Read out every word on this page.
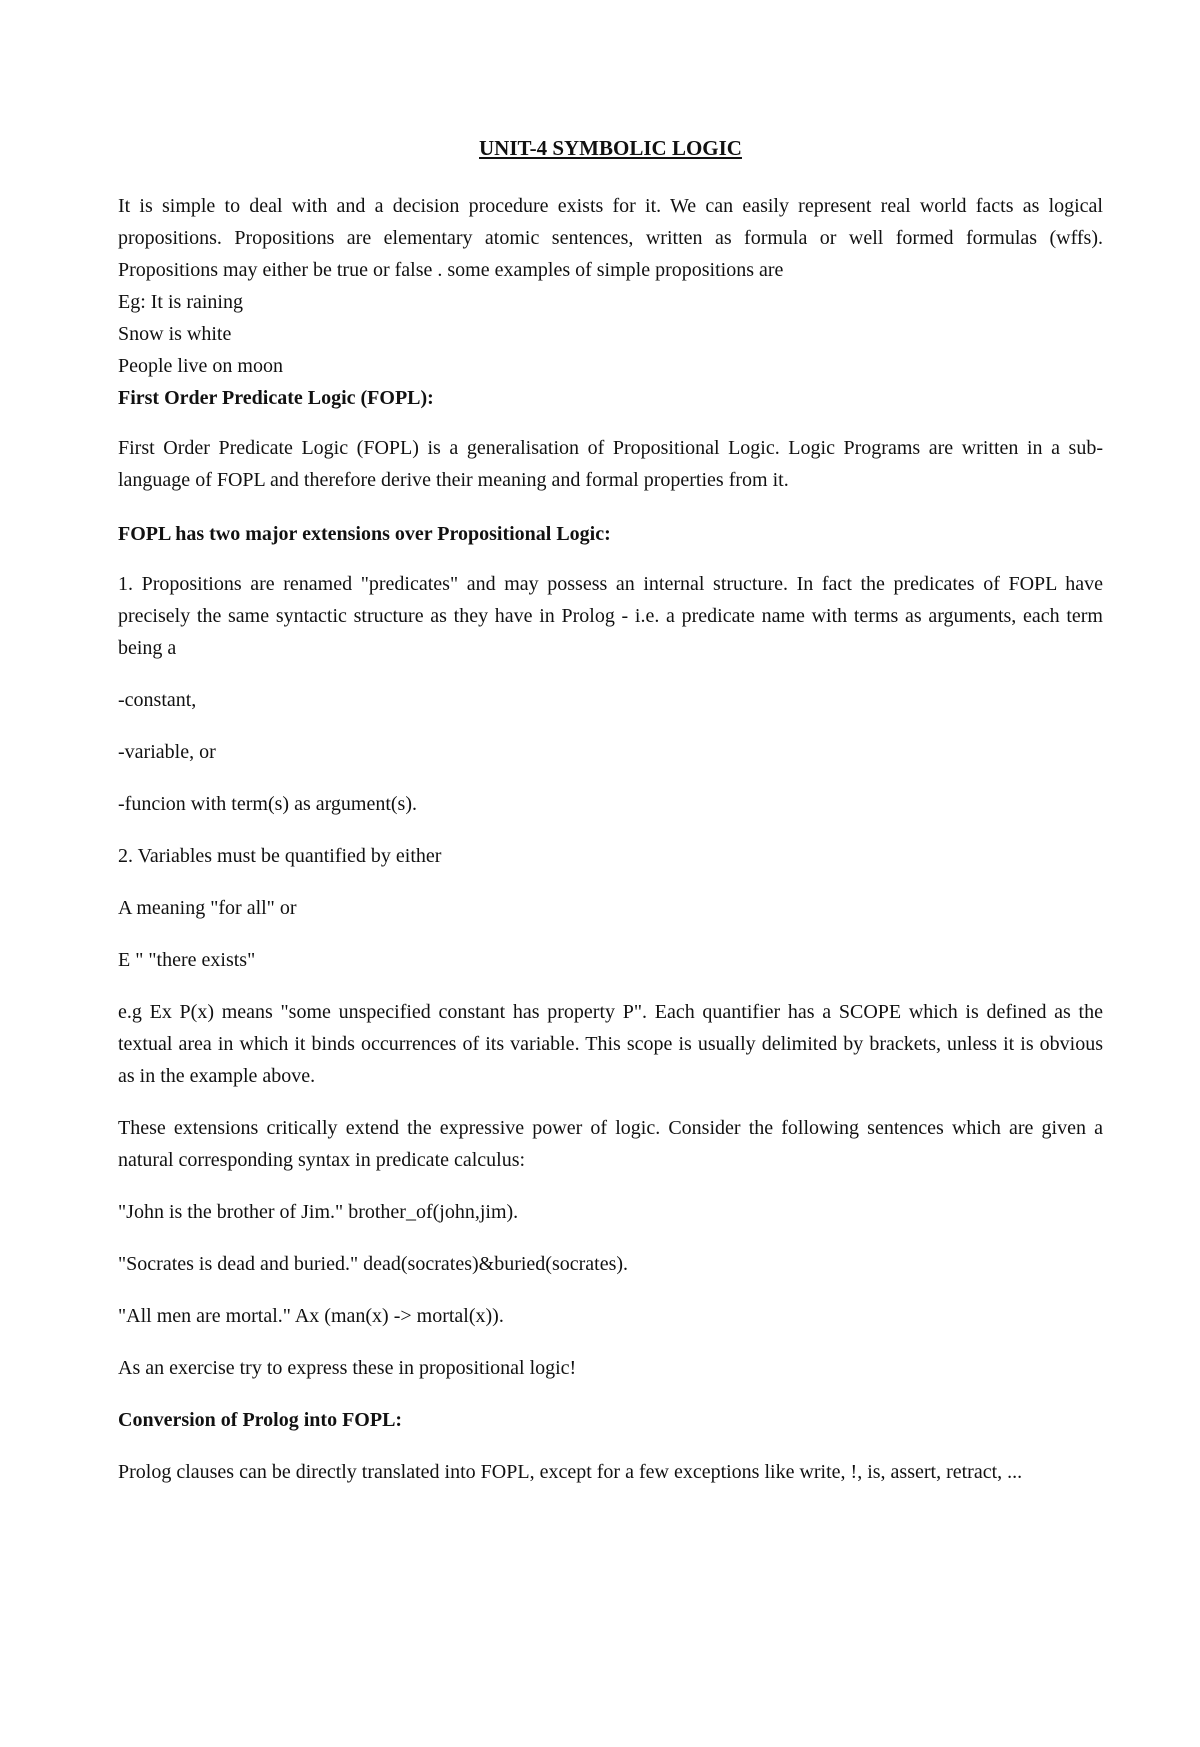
UNIT-4 SYMBOLIC LOGIC

It is simple to deal with and a decision procedure exists for it. We can easily represent real world facts as logical propositions. Propositions are elementary atomic sentences, written as formula or well formed formulas (wffs). Propositions may either be true or false . some examples of simple propositions are

Eg: It is raining

Snow is white

People live on moon

First Order Predicate Logic (FOPL):

First Order Predicate Logic (FOPL) is a generalisation of Propositional Logic. Logic Programs are written in a sub-language of FOPL and therefore derive their meaning and formal properties from it.

FOPL has two major extensions over Propositional Logic:

1. Propositions are renamed "predicates" and may possess an internal structure. In fact the predicates of FOPL have precisely the same syntactic structure as they have in Prolog - i.e. a predicate name with terms as arguments, each term being a

-constant,

-variable, or

-funcion with term(s) as argument(s).

2. Variables must be quantified by either

A meaning "for all" or

E " "there exists"

e.g Ex P(x) means "some unspecified constant has property P". Each quantifier has a SCOPE which is defined as the textual area in which it binds occurrences of its variable. This scope is usually delimited by brackets, unless it is obvious as in the example above.

These extensions critically extend the expressive power of logic. Consider the following sentences which are given a natural corresponding syntax in predicate calculus:

"John is the brother of Jim." brother_of(john,jim).

"Socrates is dead and buried." dead(socrates)&buried(socrates).

"All men are mortal." Ax (man(x) -> mortal(x)).

As an exercise try to express these in propositional logic!

Conversion of Prolog into FOPL:

Prolog clauses can be directly translated into FOPL, except for a few exceptions like write, !, is, assert, retract, ...
